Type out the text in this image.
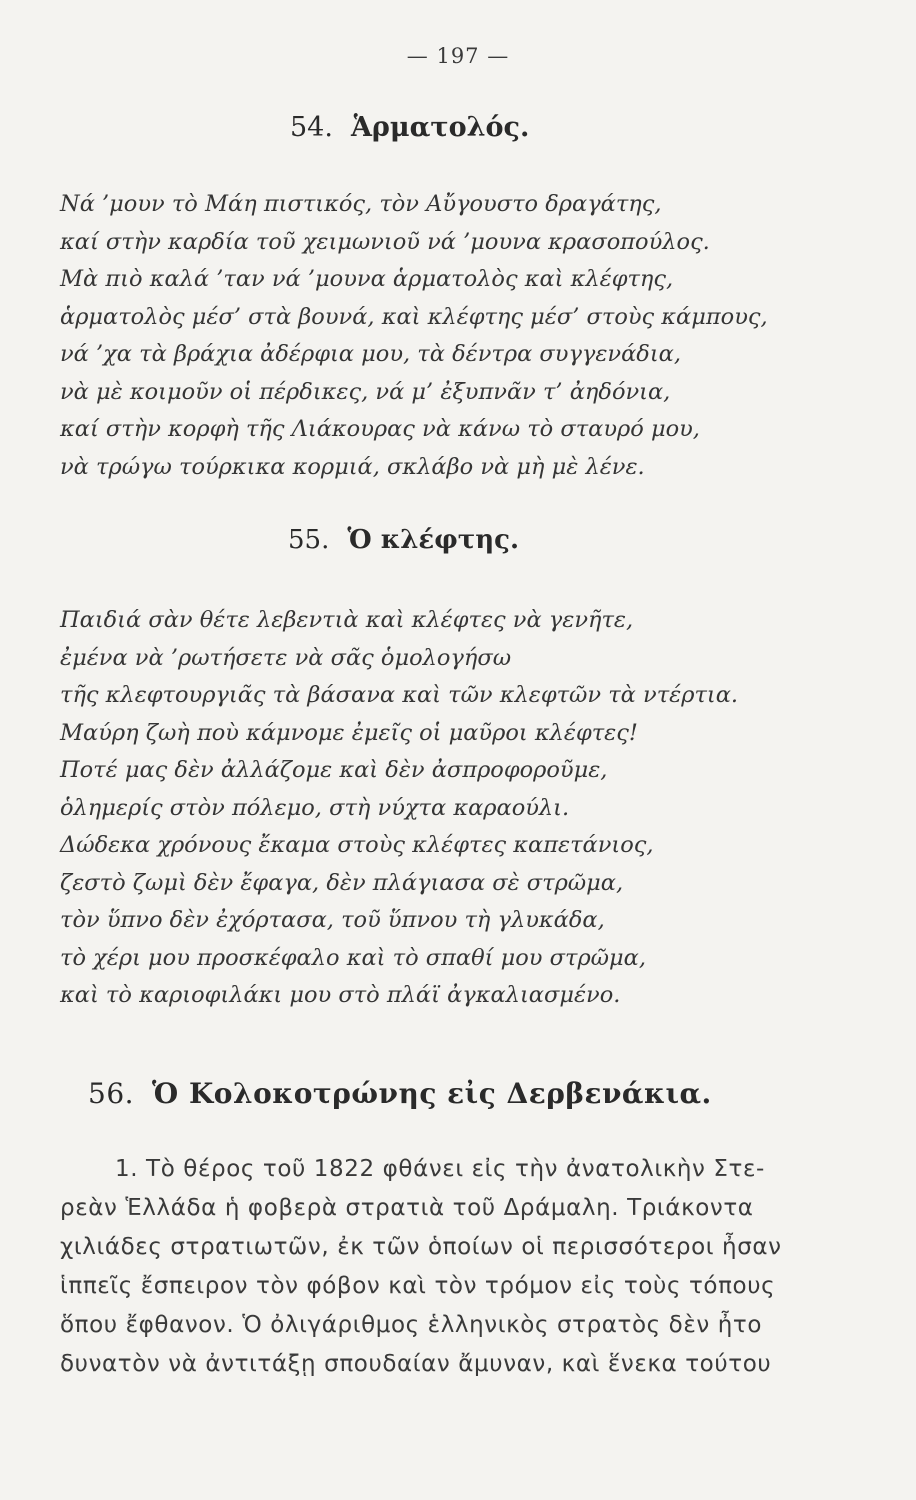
— 197 —
54. Ἁρματολός.
Νά ’μουν τὸ Μάη πιστικός, τὸν Αὔγουστο δραγάτης,
καί στὴν καρδία τοῦ χειμωνιοῦ νά ’μουνα κρασοπούλος.
Μὰ πιὸ καλά ’ταν νά ’μουνα ἁρματολὸς καὶ κλέφτης,
ἁρματολὸς μέσ’ στὰ βουνά, καὶ κλέφτης μέσ’ στοὺς κάμπους,
νά ’χα τὰ βράχια ἀδέρφια μου, τὰ δέντρα συγγενάδια,
νὰ μὲ κοιμοῦν οἱ πέρδικες, νά μ’ ἐξυπνᾶν τ’ ἀηδόνια,
καί στὴν κορφὴ τῆς Λιάκουρας νὰ κάνω τὸ σταυρό μου,
νὰ τρώγω τούρκικα κορμιά, σκλάβο νὰ μὴ μὲ λένε.
55. Ὁ κλέφτης.
Παιδιά σὰν θέτε λεβεντιὰ καὶ κλέφτες νὰ γενῆτε,
ἐμένα νὰ ’ρωτήσετε νὰ σᾶς ὁμολογήσω
τῆς κλεφτουργιᾶς τὰ βάσανα καὶ τῶν κλεφτῶν τὰ ντέρτια.
Μαύρη ζωὴ ποὺ κάμνομε ἐμεῖς οἱ μαῦροι κλέφτες!
Ποτέ μας δὲν ἀλλάζομε καὶ δὲν ἀσπροφοροῦμε,
ὁλημερίς στὸν πόλεμο, στὴ νύχτα καραούλι.
Δώδεκα χρόνους ἔκαμα στοὺς κλέφτες καπετάνιος,
ζεστὸ ζωμὶ δὲν ἔφαγα, δὲν πλάγιασα σὲ στρῶμα,
τὸν ὕπνο δὲν ἐχόρτασα, τοῦ ὕπνου τὴ γλυκάδα,
τὸ χέρι μου προσκέφαλο καὶ τὸ σπαθί μου στρῶμα,
καὶ τὸ καριοφιλάκι μου στὸ πλάϊ ἀγκαλιασμένο.
56. Ὁ Κολοκοτρώνης εἰς Δερβενάκια.
1. Τὸ θέρος τοῦ 1822 φθάνει εἰς τὴν ἀνατολικὴν Στε-
ρεὰν Ἑλλάδα ἡ φοβερὰ στρατιὰ τοῦ Δράμαλη. Τριάκοντα
χιλιάδες στρατιωτῶν, ἐκ τῶν ὁποίων οἱ περισσότεροι ἦσαν
ἱππεῖς ἔσπειρον τὸν φόβον καὶ τὸν τρόμον εἰς τοὺς τόπους
ὅπου ἔφθανον. Ὁ ὀλιγάριθμος ἑλληνικὸς στρατὸς δὲν ἦτο
δυνατὸν νὰ ἀντιτάξῃ σπουδαίαν ἄμυναν, καὶ ἕνεκα τούτου
